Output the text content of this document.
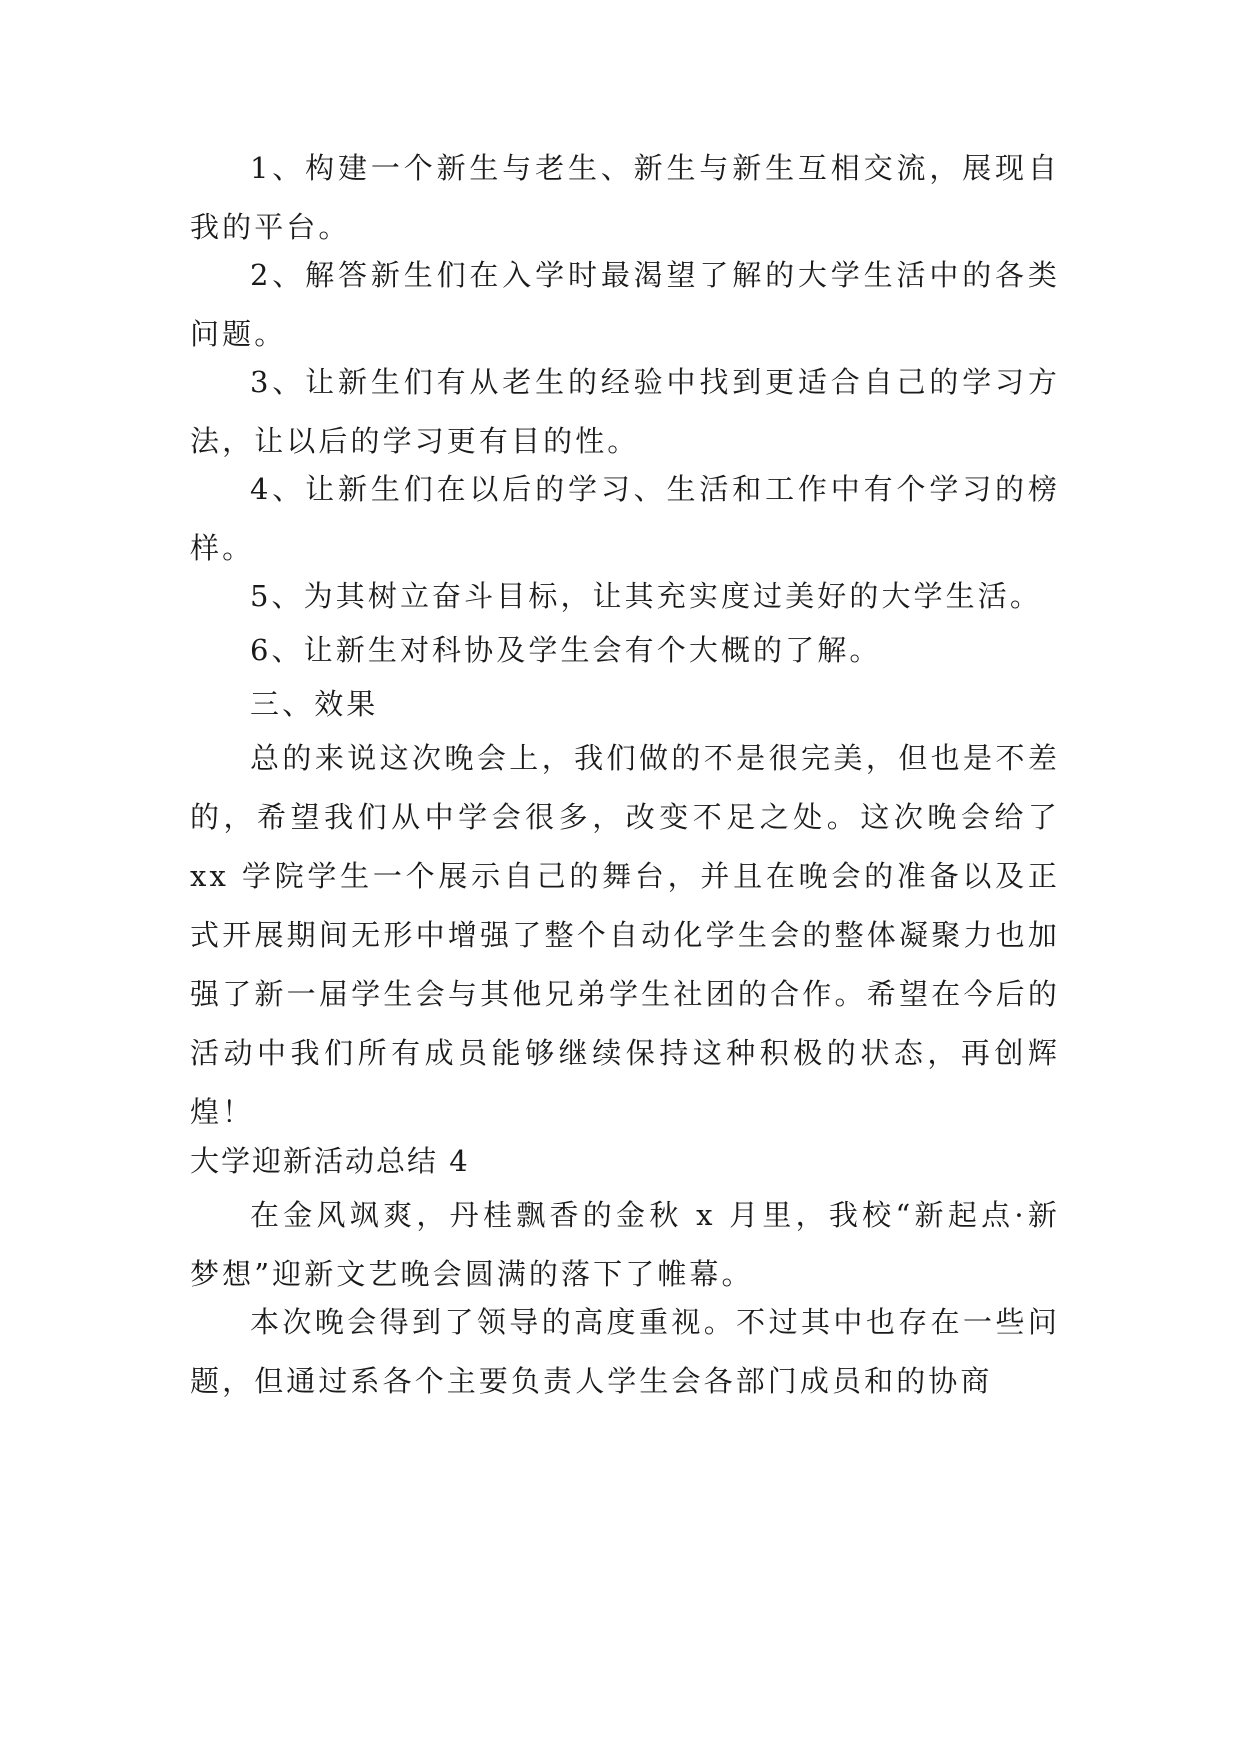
1、构建一个新生与老生、新生与新生互相交流，展现自我的平台。

2、解答新生们在入学时最渴望了解的大学生活中的各类问题。

3、让新生们有从老生的经验中找到更适合自己的学习方法，让以后的学习更有目的性。

4、让新生们在以后的学习、生活和工作中有个学习的榜样。

5、为其树立奋斗目标，让其充实度过美好的大学生活。

6、让新生对科协及学生会有个大概的了解。

三、效果

总的来说这次晚会上，我们做的不是很完美，但也是不差的，希望我们从中学会很多，改变不足之处。这次晚会给了 xx 学院学生一个展示自己的舞台，并且在晚会的准备以及正式开展期间无形中增强了整个自动化学生会的整体凝聚力也加强了新一届学生会与其他兄弟学生社团的合作。希望在今后的活动中我们所有成员能够继续保持这种积极的状态，再创辉煌！

大学迎新活动总结 4

在金风飒爽，丹桂飘香的金秋 x 月里，我校“新起点·新梦想”迎新文艺晚会圆满的落下了帷幕。

本次晚会得到了领导的高度重视。不过其中也存在一些问题，但通过系各个主要负责人学生会各部门成员和的协商
